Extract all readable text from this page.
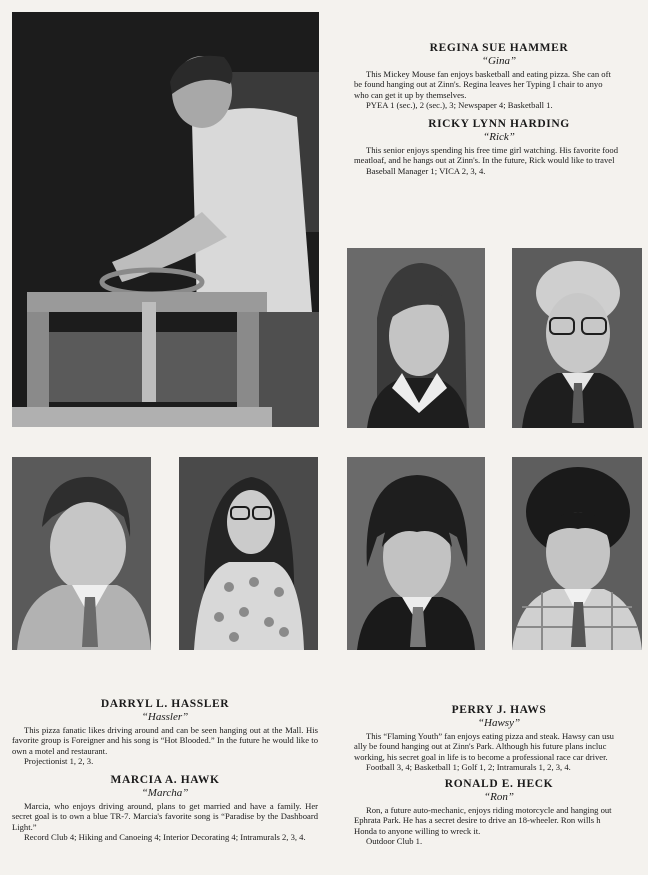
REGINA SUE HAMMER
“Gina”
This Mickey Mouse fan enjoys basketball and eating pizza. She can oft
be found hanging out at Zinn's. Regina leaves her Typing I chair to anyo
who can get it up by themselves.
PYEA 1 (sec.), 2 (sec.), 3; Newspaper 4; Basketball 1.
RICKY LYNN HARDING
“Rick”
This senior enjoys spending his free time girl watching. His favorite food
meatloaf, and he hangs out at Zinn's. In the future, Rick would like to travel
Baseball Manager 1; VICA 2, 3, 4.
DARRYL L. HASSLER
“Hassler”
This pizza fanatic likes driving around and can be seen hanging out at the Mall. His favorite group is Foreigner and his song is “Hot Blooded.” In the future he would like to own a motel and restaurant.
Projectionist 1, 2, 3.
MARCIA A. HAWK
“Marcha”
Marcia, who enjoys driving around, plans to get married and have a family. Her secret goal is to own a blue TR-7. Marcia's favorite song is “Paradise by the Dashboard Light.”
Record Club 4; Hiking and Canoeing 4; Interior Decorating 4; Intramurals 2, 3, 4.
PERRY J. HAWS
“Hawsy”
This “Flaming Youth” fan enjoys eating pizza and steak. Hawsy can usu
ally be found hanging out at Zinn's Park. Although his future plans incluc
working, his secret goal in life is to become a professional race car driver.
Football 3, 4; Basketball 1; Golf 1, 2; Intramurals 1, 2, 3, 4.
RONALD E. HECK
“Ron”
Ron, a future auto-mechanic, enjoys riding motorcycle and hanging out
Ephrata Park. He has a secret desire to drive an 18-wheeler. Ron wills h
Honda to anyone willing to wreck it.
Outdoor Club 1.
